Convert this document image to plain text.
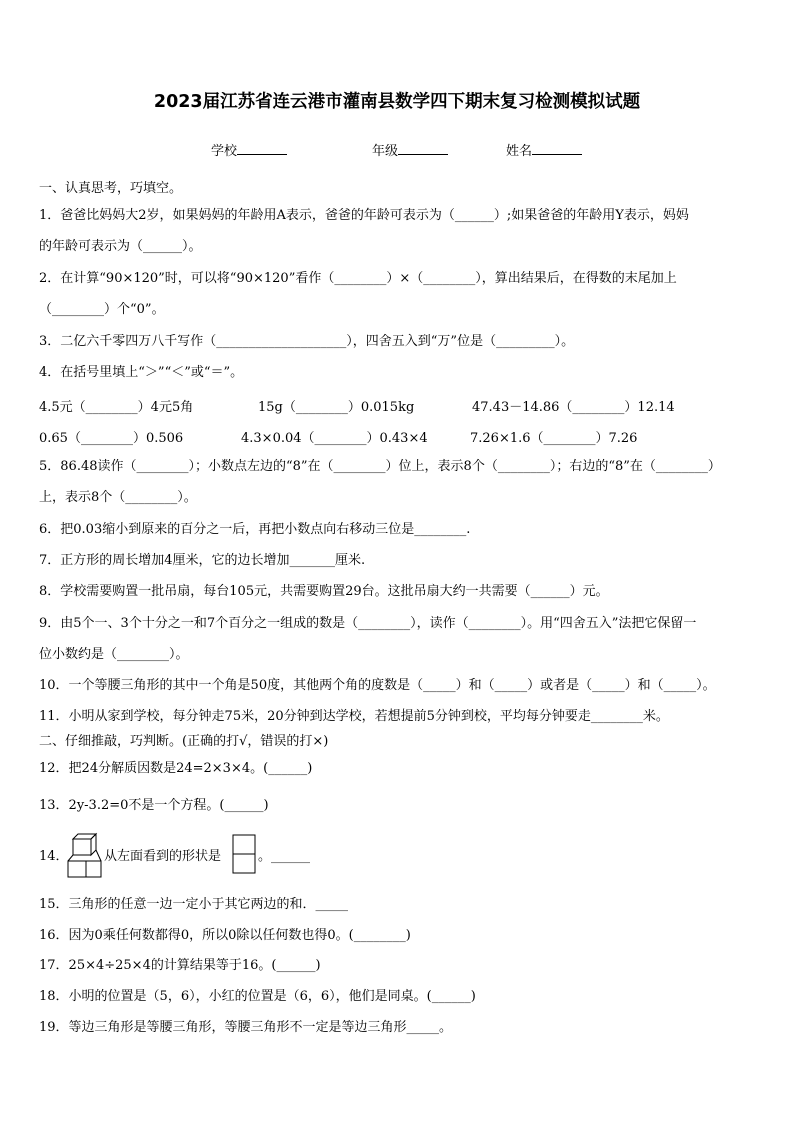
2023届江苏省连云港市灌南县数学四下期末复习检测模拟试题
学校	年级	姓名
一、认真思考，巧填空。
1．爸爸比妈妈大2岁，如果妈妈的年龄用A表示，爸爸的年龄可表示为（______）;如果爸爸的年龄用Y表示，妈妈
的年龄可表示为（______）。
2．在计算“90×120”时，可以将“90×120”看作（________）×（________），算出结果后，在得数的末尾加上
（________）个“0”。
3．二亿六千零四万八千写作（____________________），四舍五入到“万”位是（_________）。
4．在括号里填上“＞”“＜”或“＝”。
4.5元（________）4元5角	15g（________）0.015kg	47.43－14.86（________）12.14
0.65（________）0.506	4.3×0.04（________）0.43×4	7.26×1.6（________）7.26
5．86.48读作（________）；小数点左边的“8”在（________）位上，表示8个（________）；右边的“8”在（________）
上，表示8个（________）。
6．把0.03缩小到原来的百分之一后，再把小数点向右移动三位是________.
7．正方形的周长增加4厘米，它的边长增加_______厘米.
8．学校需要购置一批吊扇，每台105元，共需要购置29台。这批吊扇大约一共需要（______）元。
9．由5个一、3个十分之一和7个百分之一组成的数是（________），读作（________）。用“四舍五入”法把它保留一
位小数约是（________）。
10．一个等腰三角形的其中一个角是50度，其他两个角的度数是（_____）和（_____）或者是（_____）和（_____）。
11．小明从家到学校，每分钟走75米，20分钟到达学校，若想提前5分钟到校，平均每分钟要走________米。
二、仔细推敲，巧判断。(正确的打√，错误的打×)
12．把24分解质因数是24=2×3×4。(______)
13．2y-3.2=0不是一个方程。(______)
14．	从左面看到的形状是	。______
15．三角形的任意一边一定小于其它两边的和．_____
16．因为0乘任何数都得0，所以0除以任何数也得0。(________)
17．25×4÷25×4的计算结果等于16。(______)
18．小明的位置是（5，6），小红的位置是（6，6），他们是同桌。(______)
19．等边三角形是等腰三角形，等腰三角形不一定是等边三角形_____。
